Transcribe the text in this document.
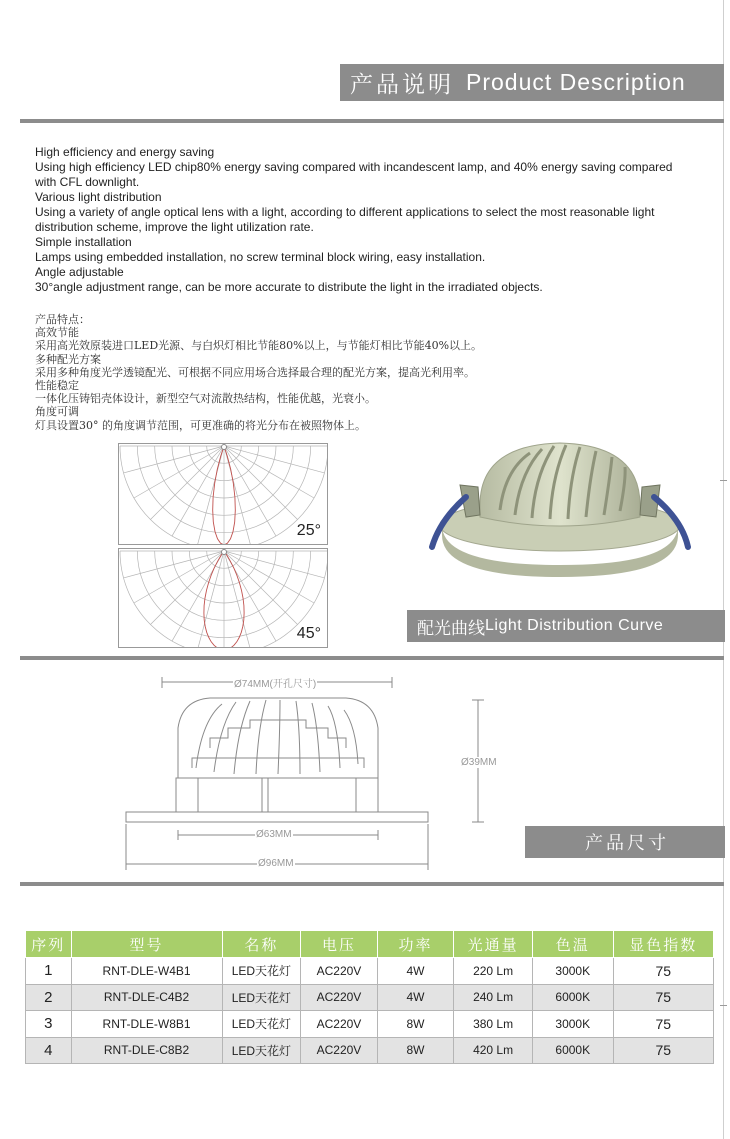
产品说明 Product Description

High efficiency and energy saving

Using high efficiency LED chip80% energy saving compared with incandescent lamp, and 40% energy saving compared with CFL downlight.

Various light distribution

Using a variety of angle optical lens with a light, according to different applications to select the most reasonable light distribution scheme, improve the light utilization rate.

Simple installation

Lamps using embedded installation, no screw terminal block wiring, easy installation.

Angle adjustable

30°angle adjustment range, can be more accurate to distribute the light in the irradiated objects.

产品特点：

高效节能

采用高光效原装进口LED光源、与白炽灯相比节能80%以上，与节能灯相比节能40%以上。

多种配光方案

采用多种角度光学透镜配光、可根据不同应用场合选择最合理的配光方案，提高光利用率。

性能稳定

一体化压铸铝壳体设计，新型空气对流散热结构，性能优越，光衰小。

角度可调

灯具设置30° 的角度调节范围，可更准确的将光分布在被照物体上。

25°
45°	配光曲线 Light Distribution Curve
Ø74MM(开孔尺寸)
Ø39MM
Ø63MM
Ø96MM
产品尺寸
序列	型号	名称	电压	功率	光通量	色温	显色指数
1	RNT-DLE-W4B1	LED天花灯	AC220V	4W	220 Lm	3000K	75
2	RNT-DLE-C4B2	LED天花灯	AC220V	4W	240 Lm	6000K	75
3	RNT-DLE-W8B1	LED天花灯	AC220V	8W	380 Lm	3000K	75
4	RNT-DLE-C8B2	LED天花灯	AC220V	8W	420 Lm	6000K	75
